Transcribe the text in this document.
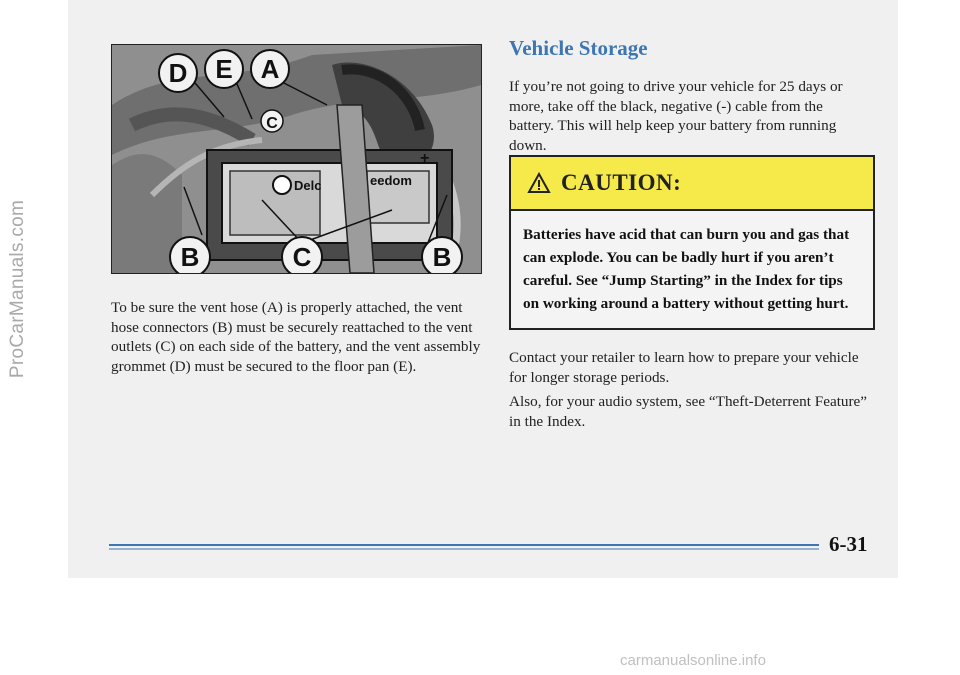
ProCarManuals.com
Delc	eedom
+
-
D E A
C
B	C	B

To be sure the vent hose (A) is properly attached, the vent hose connectors (B) must be securely reattached to the vent outlets (C) on each side of the battery, and the vent assembly grommet (D) must be secured to the floor pan (E).

Vehicle Storage

If you’re not going to drive your vehicle for 25 days or more, take off the black, negative (-) cable from the battery. This will help keep your battery from running down.

CAUTION:

Batteries have acid that can burn you and gas that can explode. You can be badly hurt if you aren’t careful. See “Jump Starting” in the Index for tips on working around a battery without getting hurt.

Contact your retailer to learn how to prepare your vehicle for longer storage periods.

Also, for your audio system, see “Theft-Deterrent Feature” in the Index.

6-31

carmanualsonline.info
